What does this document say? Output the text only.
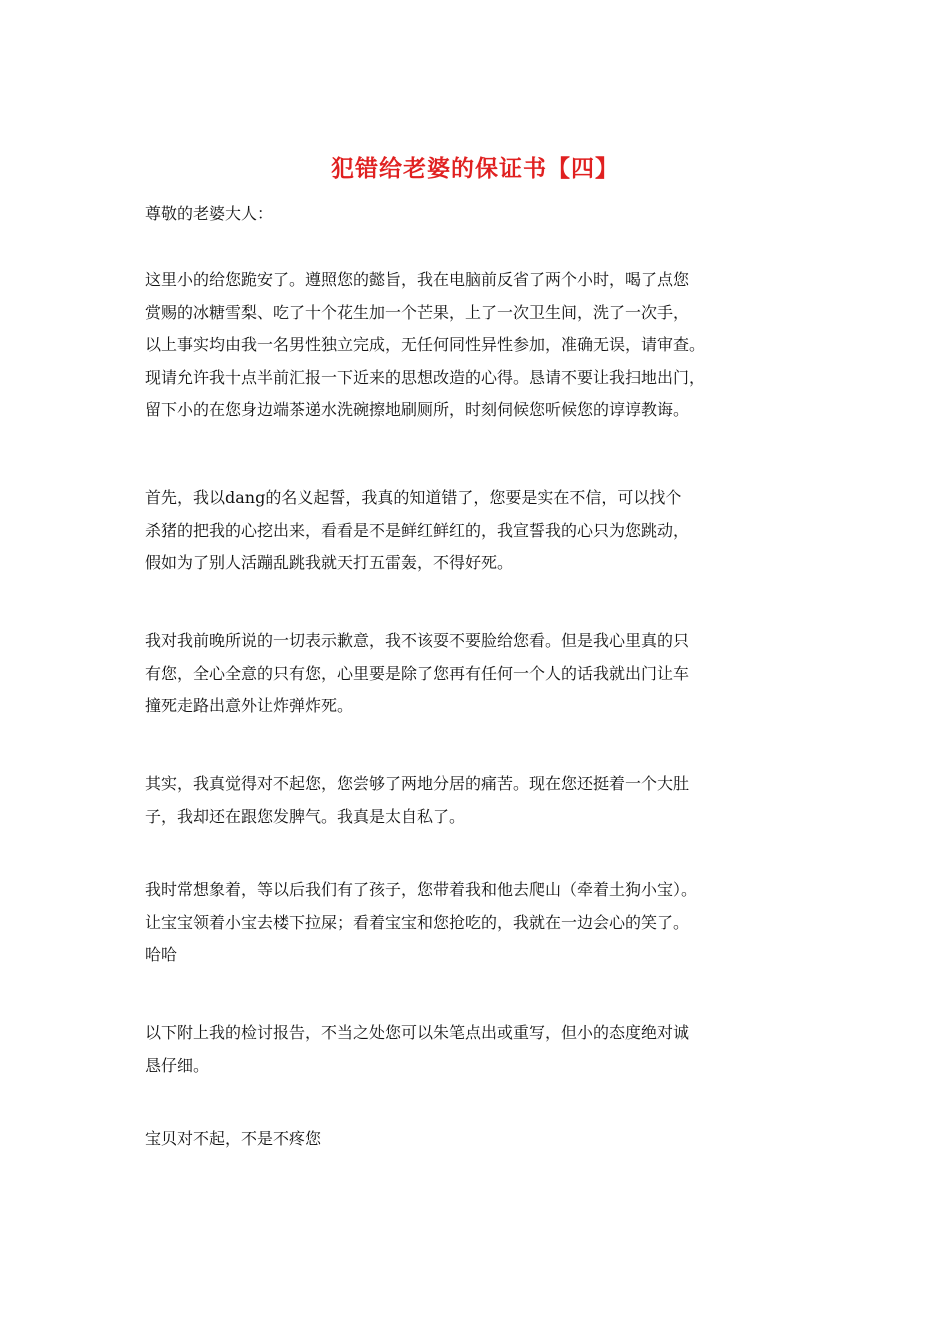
犯错给老婆的保证书【四】
尊敬的老婆大人：
这里小的给您跪安了。遵照您的懿旨，我在电脑前反省了两个小时，喝了点您
赏赐的冰糖雪梨、吃了十个花生加一个芒果，上了一次卫生间，洗了一次手，
以上事实均由我一名男性独立完成，无任何同性异性参加，准确无误，请审查。
现请允许我十点半前汇报一下近来的思想改造的心得。恳请不要让我扫地出门，
留下小的在您身边端茶递水洗碗擦地刷厕所，时刻伺候您听候您的谆谆教诲。
首先，我以dang的名义起誓，我真的知道错了，您要是实在不信，可以找个
杀猪的把我的心挖出来，看看是不是鲜红鲜红的，我宣誓我的心只为您跳动，
假如为了别人活蹦乱跳我就天打五雷轰，不得好死。
我对我前晚所说的一切表示歉意，我不该耍不要脸给您看。但是我心里真的只
有您，全心全意的只有您，心里要是除了您再有任何一个人的话我就出门让车
撞死走路出意外让炸弹炸死。
其实，我真觉得对不起您，您尝够了两地分居的痛苦。现在您还挺着一个大肚
子，我却还在跟您发脾气。我真是太自私了。
我时常想象着，等以后我们有了孩子，您带着我和他去爬山（牵着土狗小宝）。
让宝宝领着小宝去楼下拉屎；看着宝宝和您抢吃的，我就在一边会心的笑了。
哈哈
以下附上我的检讨报告，不当之处您可以朱笔点出或重写，但小的态度绝对诚
恳仔细。
宝贝对不起，不是不疼您
